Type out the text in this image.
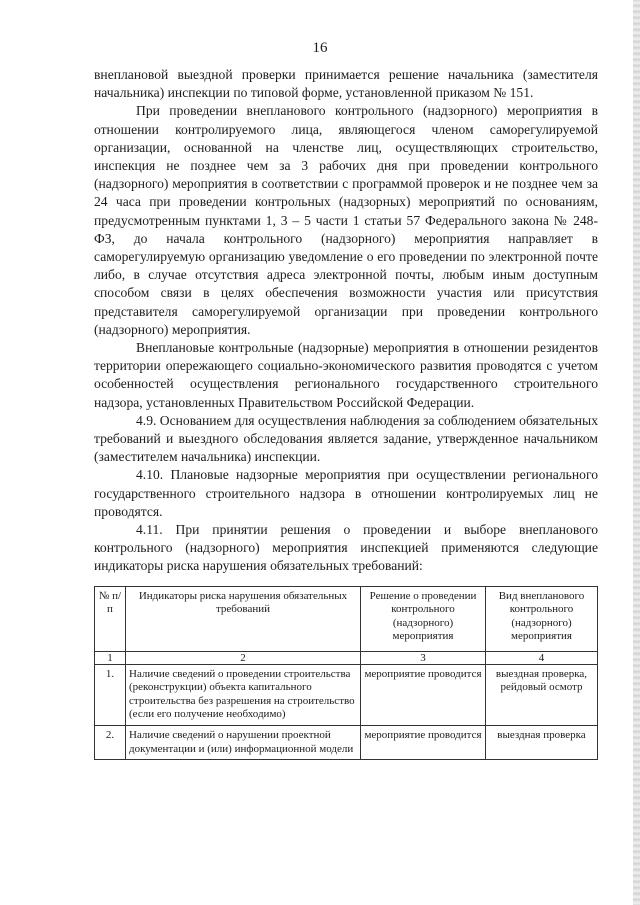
16

внеплановой выездной проверки принимается решение начальника (заместителя начальника) инспекции по типовой форме, установленной приказом № 151.

При проведении внепланового контрольного (надзорного) мероприятия в отношении контролируемого лица, являющегося членом саморегулируемой организации, основанной на членстве лиц, осуществляющих строительство, инспекция не позднее чем за 3 рабочих дня при проведении контрольного (надзорного) мероприятия в соответствии с программой проверок и не позднее чем за 24 часа при проведении контрольных (надзорных) мероприятий по основаниям, предусмотренным пунктами 1, 3 – 5 части 1 статьи 57 Федерального закона № 248-ФЗ, до начала контрольного (надзорного) мероприятия направляет в саморегулируемую организацию уведомление о его проведении по электронной почте либо, в случае отсутствия адреса электронной почты, любым иным доступным способом связи в целях обеспечения возможности участия или присутствия представителя саморегулируемой организации при проведении контрольного (надзорного) мероприятия.

Внеплановые контрольные (надзорные) мероприятия в отношении резидентов территории опережающего социально-экономического развития проводятся с учетом особенностей осуществления регионального государственного строительного надзора, установленных Правительством Российской Федерации.

4.9. Основанием для осуществления наблюдения за соблюдением обязательных требований и выездного обследования является задание, утвержденное начальником (заместителем начальника) инспекции.

4.10. Плановые надзорные мероприятия при осуществлении регионального государственного строительного надзора в отношении контролируемых лиц не проводятся.

4.11. При принятии решения о проведении и выборе внепланового контрольного (надзорного) мероприятия инспекцией применяются следующие индикаторы риска нарушения обязательных требований:

№ п/п	Индикаторы риска нарушения обязательных требований	Решение о проведении контрольного (надзорного) мероприятия	Вид внепланового контрольного (надзорного) мероприятия
1	2	3	4
1.	Наличие сведений о проведении строительства (реконструкции) объекта капитального строительства без разрешения на строительство (если его получение необходимо)	мероприятие проводится	выездная проверка, рейдовый осмотр
2.	Наличие сведений о нарушении проектной документации и (или) информационной модели	мероприятие проводится	выездная проверка
